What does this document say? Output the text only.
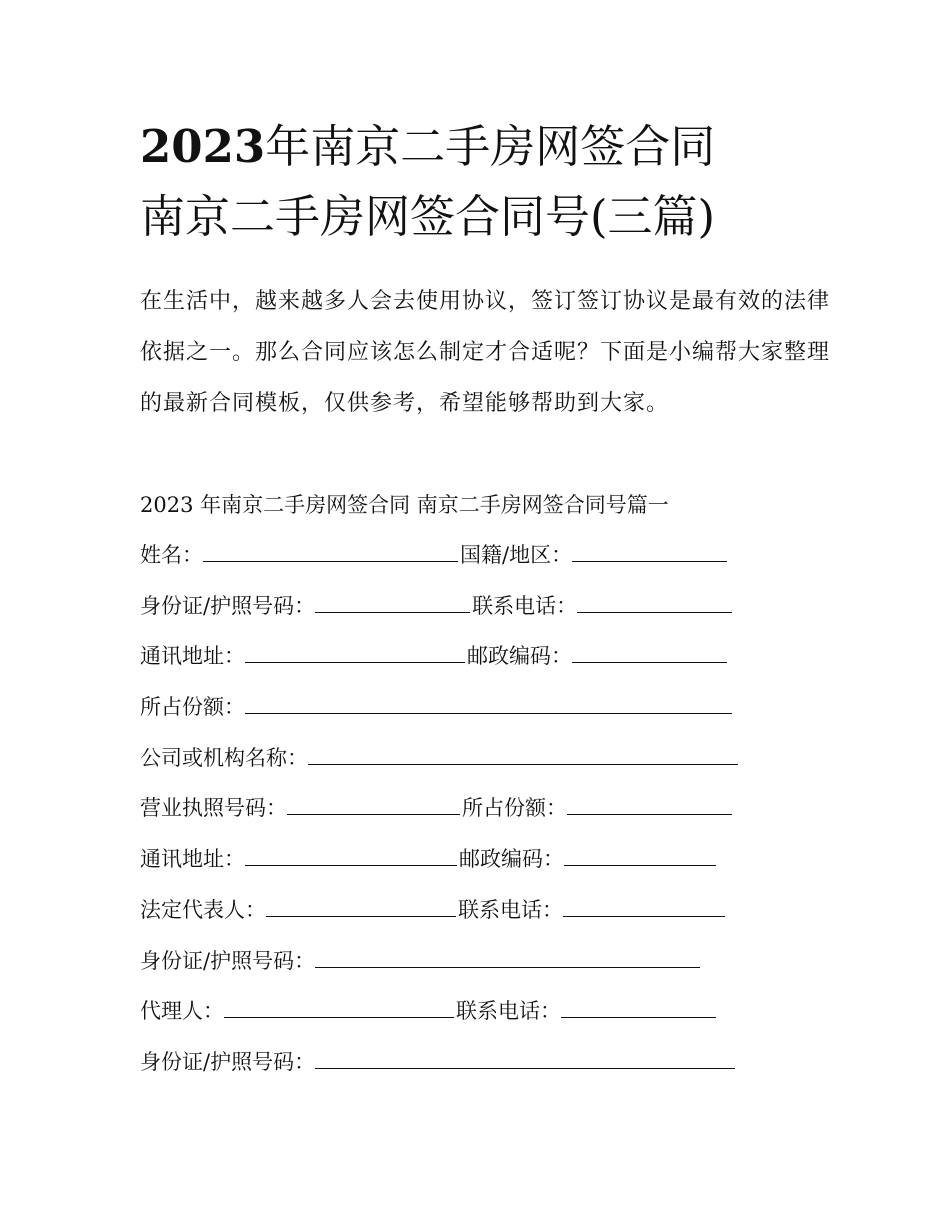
2023年南京二手房网签合同
南京二手房网签合同号(三篇)

在生活中，越来越多人会去使用协议，签订签订协议是最有效的法律依据之一。那么合同应该怎么制定才合适呢？下面是小编帮大家整理的最新合同模板，仅供参考，希望能够帮助到大家。

2023 年南京二手房网签合同 南京二手房网签合同号篇一

姓名：	国籍/地区：
身份证/护照号码：	联系电话：
通讯地址：	邮政编码：
所占份额：
公司或机构名称：
营业执照号码：	所占份额：
通讯地址：	邮政编码：
法定代表人：	联系电话：
身份证/护照号码：
代理人：	联系电话：
身份证/护照号码：
